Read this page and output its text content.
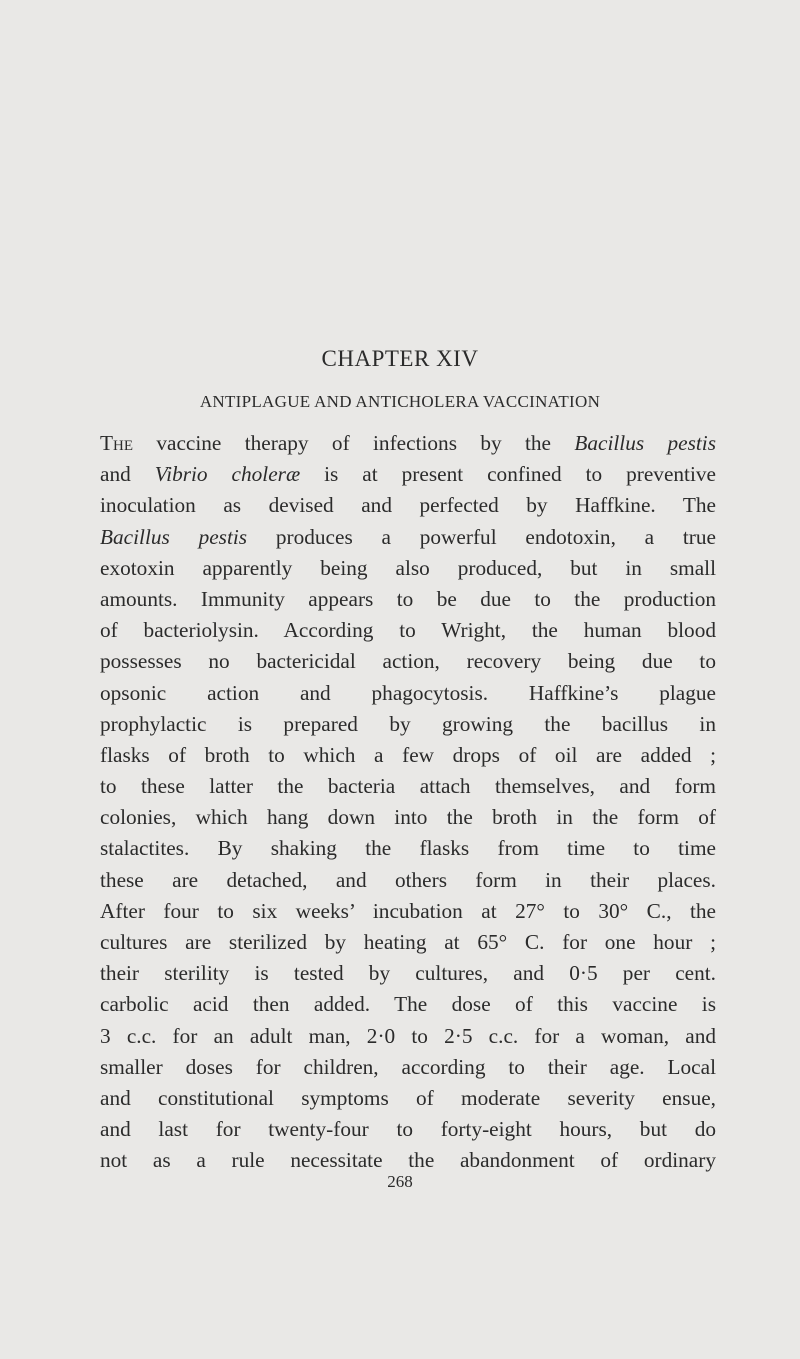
CHAPTER XIV
ANTIPLAGUE AND ANTICHOLERA VACCINATION
The vaccine therapy of infections by the Bacillus pestis
and Vibrio choleræ is at present confined to preventive
inoculation as devised and perfected by Haffkine. The
Bacillus pestis produces a powerful endotoxin, a true
exotoxin apparently being also produced, but in small
amounts. Immunity appears to be due to the production
of bacteriolysin. According to Wright, the human blood
possesses no bactericidal action, recovery being due to
opsonic action and phagocytosis. Haffkine’s plague
prophylactic is prepared by growing the bacillus in
flasks of broth to which a few drops of oil are added ;
to these latter the bacteria attach themselves, and form
colonies, which hang down into the broth in the form of
stalactites. By shaking the flasks from time to time
these are detached, and others form in their places.
After four to six weeks’ incubation at 27° to 30° C., the
cultures are sterilized by heating at 65° C. for one hour ;
their sterility is tested by cultures, and 0·5 per cent.
carbolic acid then added. The dose of this vaccine is
3 c.c. for an adult man, 2·0 to 2·5 c.c. for a woman, and
smaller doses for children, according to their age. Local
and constitutional symptoms of moderate severity ensue,
and last for twenty-four to forty-eight hours, but do
not as a rule necessitate the abandonment of ordinary
268
